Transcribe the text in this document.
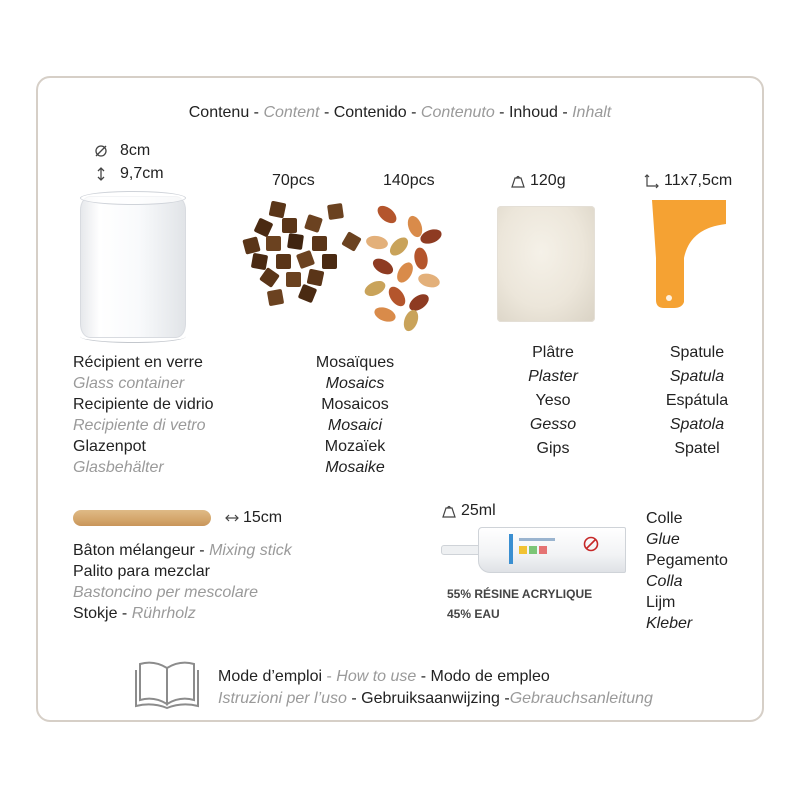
Contenu - Content - Contenido - Contenuto - Inhoud - Inhalt
8cm
9,7cm
Récipient en verre
Glass container
Recipiente de vidrio
Recipiente di vetro
Glazenpot
Glasbehälter
70pcs	140pcs
Mosaïques
Mosaics
Mosaicos
Mosaici
Mozaïek
Mosaike
120g
Plâtre
Plaster
Yeso
Gesso
Gips
11x7,5cm
Spatule
Spatula
Espátula
Spatola
Spatel
15cm
Bâton mélangeur - Mixing stick
Palito para mezclar
Bastoncino per mescolare
Stokje - Rührholz
25ml
55% RÉSINE ACRYLIQUE
45% EAU
Colle
Glue
Pegamento
Colla
Lijm
Kleber
Mode d’emploi - How to use - Modo de empleo
Istruzioni per l’uso - Gebruiksaanwijzing -Gebrauchsanleitung
